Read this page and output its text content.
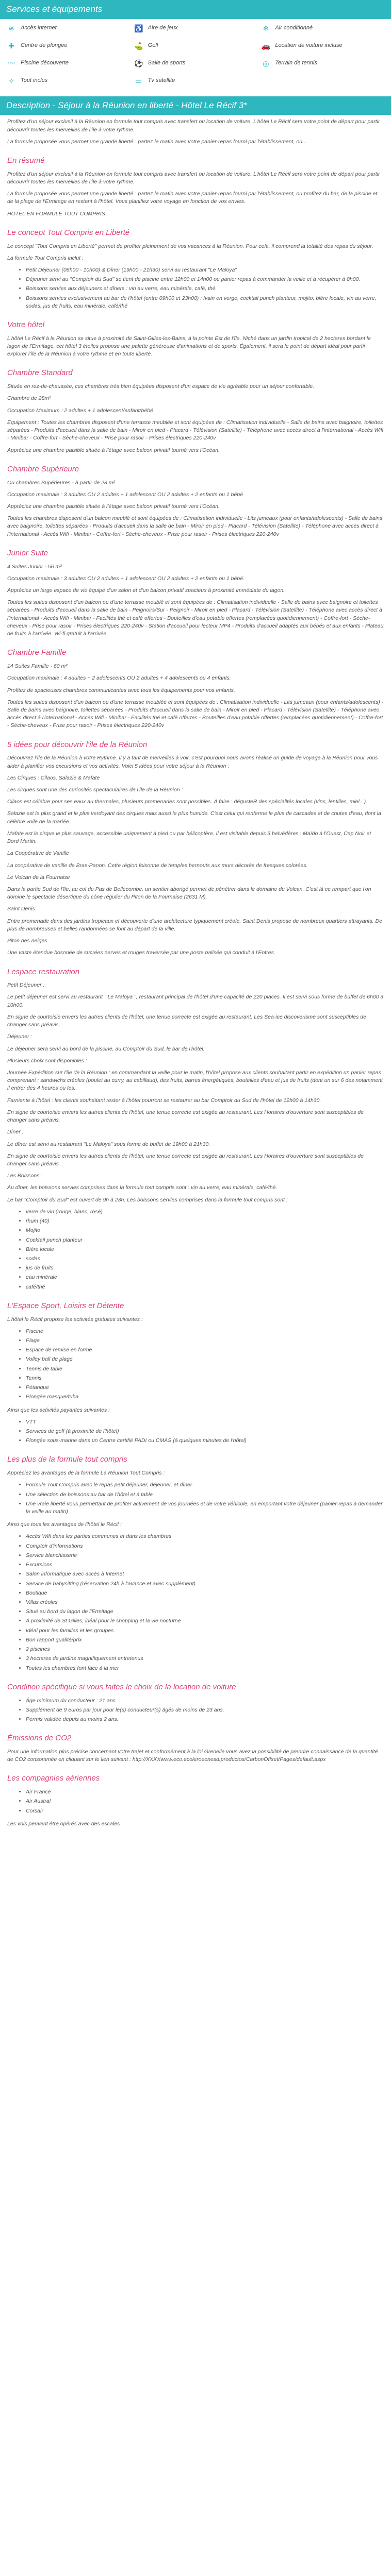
Services et équipements
≋ Accès internet	♿ Aire de jeux	❄ Air conditionné
✚ Centre de plongee	⛳ Golf	🚗 Location de voiture incluse
〰 Piscine découverte	⚽ Salle de sports	◎ Terrain de tennis
✧ Tout inclus	▭ Tv satellite
Description - Séjour à la Réunion en liberté - Hôtel Le Récif 3*

Profitez d'un séjour exclusif à la Réunion en formule tout compris avec transfert ou location de voiture. L'hôtel Le Récif sera votre point de départ pour partir découvrir toutes les merveilles de l'île à votre rythme.

La formule proposée vous permet une grande liberté : partez le matin avec votre panier-repas fourni par l'établissement, ou...

En résumé

Profitez d'un séjour exclusif à la Réunion en formule tout compris avec transfert ou location de voiture. L'hôtel Le Récif sera votre point de départ pour partir découvrir toutes les merveilles de l'île à votre rythme.

La formule proposée vous permet une grande liberté : partez le matin avec votre panier-repas fourni par l'établissement, ou profitez du bar, de la piscine et de la plage de l'Ermitage en restant à l'hôtel. Vous planifiez votre voyage en fonction de vos envies.

HÔTEL EN FORMULE TOUT COMPRIS

Le concept Tout Compris en Liberté

Le concept "Tout Compris en Liberté" permet de profiter pleinement de vos vacances à la Réunion. Pour cela, il comprend la totalité des repas du séjour.

La formule Tout Compris inclut :

• Petit Déjeuner (06h00 - 10h00) & Dîner (19h00 - 21h30) servi au restaurant "Le Maloya"
• Déjeuner servi au "Comptoir du Sud" se tient de piscine entre 12h00 et 14h00 ou panier repas à commander la veille et à récupérer à 8h00.
• Boissons servies aux déjeuners et dîners : vin au verre, eau minérale, café, thé
• Boissons servies exclusivement au bar de l'hôtel (entre 09h00 et 23h00) : Ivain en verge, cocktail punch planteur, mojito, bière locale, vin au verre, sodas, jus de fruits, eau minérale, café/thé
Votre hôtel

L'hôtel Le Récif à la Réunion se situe à proximité de Saint-Gilles-les-Bains, à la pointe Est de l'île. Niché dans un jardin tropical de 2 hectares bordant le lagon de l'Ermitage, cet hôtel 3 étoiles propose une palette généreuse d'animations et de sports. Également, il sera le point de départ idéal pour partir explorer l'île de la Réunion à votre rythme et en toute liberté.

Chambre Standard

Située en rez-de-chaussée, ces chambres très bien équipées disposent d'un espace de vie agréable pour un séjour confortable.

Chambre de 28m²

Occupation Maximum : 2 adultes + 1 adolescent/enfant/bébé

Equipement : Toutes les chambres disposent d'une terrasse meublée et sont équipées de : Climatisation individuelle - Salle de bains avec baignoire, toilettes séparées - Produits d'accueil dans la salle de bain - Miroir en pied - Placard - Télévision (Satellite) - Téléphone avec accès direct à l'international - Accès Wifi - Minibar - Coffre-fort - Sèche-cheveux - Prise pour rasoir - Prises électriques 220-240v

Appréciez une chambre paisible située à l'étage avec balcon privatif tourné vers l'Océan.

Chambre Supérieure

Ou chambres Supérieures - à partir de 28 m²

Occupation maximale : 3 adultes OU 2 adultes + 1 adolescent OU 2 adultes + 2 enfants ou 1 bébé

Appréciez une chambre paisible située à l'étage avec balcon privatif tourné vers l'Océan.

Toutes les chambres disposent d'un balcon meublé et sont équipées de : Climatisation individuelle - Lits jumeaux (pour enfants/adolescents) - Salle de bains avec baignoire, toilettes séparées - Produits d'accueil dans la salle de bain - Miroir en pied - Placard - Télévision (Satellite) - Téléphone avec accès direct à l'international - Accès Wifi - Minibar - Coffre-fort - Sèche-cheveux - Prise pour rasoir - Prises électriques 220-240v

Junior Suite

4 Suites Junior - 56 m²

Occupation maximale : 3 adultes OU 2 adultes + 1 adolescent OU 2 adultes + 2 enfants ou 1 bébé.

Appréciez un large espace de vie équipé d'un salon et d'un balcon privatif spacieux à proximité immédiate du lagon.

Toutes les suites disposent d'un balcon ou d'une terrasse meublé et sont équipées de : Climatisation individuelle - Salle de bains avec baignoire et toilettes séparées - Produits d'accueil dans la salle de bain - Peignoirs/Sur - Peignoir - Miroir en pied - Placard - Télévision (Satellite) - Téléphone avec accès direct à l'international - Accès Wifi - Minibar - Facilités thé et café offertes - Bouteilles d'eau potable offertes (remplacées quotidiennement) - Coffre-fort - Sèche-cheveux - Prise pour rasoir - Prises électriques 220-240v - Station d'accueil pour lecteur MP4 - Produits d'accueil adaptés aux bébés et aux enfants - Plateau de fruits à l'arrivée. Wi-fi gratuit à l'arrivée.

Chambre Famille

14 Suites Famille - 60 m²

Occupation maximale : 4 adultes + 2 adolescents OU 2 adultes + 4 adolescents ou 4 enfants.

Profitez de spacieuses chambres communicantes avec tous les équipements pour vos enfants.

Toutes les suites disposent d'un balcon ou d'une terrasse meublée et sont équipées de : Climatisation individuelle - Lits jumeaux (pour enfants/adolescents) - Salle de bains avec baignoire, toilettes séparées - Produits d'accueil dans la salle de bain - Miroir en pied - Placard - Télévision (Satellite) - Téléphone avec accès direct à l'international - Accès Wifi - Minibar - Facilités thé et café offertes - Bouteilles d'eau potable offertes (remplacées quotidiennement) - Coffre-fort - Sèche-cheveux - Prise pour rasoir - Prises électriques 220-240v

5 idées pour découvrir l'île de la Réunion

Découvrez l'île de la Réunion à votre Rythme. Il y a tant de merveilles à voir, c'est pourquoi nous avons réalisé un guide de voyage à la Réunion pour vous aider à planifier vos excursions et vos activités. Voici 5 idées pour votre séjour à la Réunion :

Les Cirques : Cilaos, Salazie & Mafate

Les cirques sont une des curiosités spectaculaires de l'île de la Réunion :

Cilaos est célèbre pour ses eaux au thermales, plusieurs promenades sont possibles. À faire : dégusteR des spécialités locales (vins, lentilles, miel...).

Salazie est le plus grand et le plus verdoyant des cirques mais aussi le plus humide. C'est celui qui renferme le plus de cascades et de chutes d'eau, dont la célèbre voile de la mariée.

Mafate est le cirque le plus sauvage, accessible uniquement à pied ou par hélicoptère. Il est visitable depuis 3 belvédères : Maïdo à l'Ouest, Cap Noir et Bord Martin.

La Coopérative de Vanille

La coopérative de vanille de Bras-Panon. Cette région foisonne de temples bernouts aux murs décorés de fresques colorées.

Le Volcan de la Fournaise

Dans la partie Sud de l'île, au col du Pas de Bellecombe, un sentier aborigé permet de pénétrer dans le domaine du Volcan. C'est là ce rempart que l'on domine le spectacle désertique du cône régulier du Piton de la Fournaise (2631 M).

Saint Denis

Entre promenade dans des jardins tropicaux et découverte d'une architecture typiquement créole, Saint Denis propose de nombreux quartiers attrayants. De plus de nombreuses et belles randonnées se font au départ de la ville.

Piton des neiges

Une vaste étendue bosonée de sucrées nerves et rouges traversée par une poste balisée qui conduit à l'Entres.

Lespace restauration

Petit Déjeuner :

Le petit déjeuner est servi au restaurant " Le Maloya ", restaurant principal de l'hôtel d'une capacité de 220 places. Il est servi sous forme de buffet de 6h00 à 10h00.

En signe de courtoisie envers les autres clients de l'hôtel, une tenue correcte est exigée au restaurant. Les Sea-ice discoverisme sont susceptibles de changer sans préavis.

Déjeuner :

Le déjeuner sera servi au bord de la piscine, au Comptoir du Sud, le bar de l'hôtel.

Plusieurs choix sont disponibles :

Journée Expédition sur l'île de la Réunion : en commandant la veille pour le matin, l'hôtel propose aux clients souhaitant partir en expédition un panier repas comprenant : sandwichs créoles (poulet au curry, au cabillaud), des fruits, barres énergétiques, bouteilles d'eau et jus de fruits (dont un sur 6 des notamment il entrer des 4 heures ou les.

Farniente à l'hôtel : les clients souhaitant rester à l'hôtel pourront se restaurer au bar Comptoir du Sud de l'hôtel de 12h00 à 14h30.

En signe de courtoisie envers les autres clients de l'hôtel, une tenue correcte est exigée au restaurant. Les Horaires d'ouverture sont susceptibles de changer sans préavis.

Dîner :

Le dîner est servi au restaurant "Le Maloya" sous forme de buffet de 19h00 à 21h30.

En signe de courtoisie envers les autres clients de l'hôtel, une tenue correcte est exigée au restaurant. Les Horaires d'ouverture sont susceptibles de changer sans préavis.

Les Boissons :

Au dîner, les boissons servies comprises dans la formule tout compris sont : vin au verre, eau minérale, café/thé.

Le bar "Comptoir du Sud" est ouvert de 9h à 23h. Les boissons servies comprises dans la formule tout compris sont :

• verre de vin (rouge, blanc, rosé)
• rhum (40)
• Mojito
• Cocktail punch planteur
• Bière locale
• sodas
• jus de fruits
• eau minérale
• café/thé
L'Espace Sport, Loisirs et Détente

L'hôtel le Récif propose les activités gratuites suivantes :

• Piscine
• Plage
• Espace de remise en forme
• Volley ball de plage
• Tennis de table
• Tennis
• Pétanque
• Plongée masque/tuba

Ainsi que les activités payantes suivantes :

• VTT
• Services de golf (à proximité de l'hôtel)
• Plongée sous-marine dans un Centre certifié PADI ou CMAS (à quelques minutes de l'hôtel)
Les plus de la formule tout compris

Appréciez les avantages de la formule La Réunion Tout Compris :

• Formule Tout Compris avec le repas petit déjeuner, déjeuner, et dîner
• Une sélection de boissons au bar de l'hôtel et à table
• Une vraie liberté vous permettant de profiter activement de vos journées et de votre véhicule, en emportant votre déjeuner (panier-repas à demander la veille au matin)

Ainsi que tous les avantages de l'hôtel le Récif :

• Accès Wifi dans les parties communes et dans les chambres
• Comptoir d'informations
• Service blanchisserie
• Excursions
• Salon informatique avec accès à Internet
• Service de babysitting (réservation 24h à l'avance et avec supplément)
• Boutique
• Villas créoles
• Situé au bord du lagon de l'Ermitage
• À proximité de St Gilles, idéal pour le shopping et la vie nocturne
• Idéal pour les familles et les groupes
• Bon rapport qualité/prix
• 2 piscines
• 3 hectares de jardins magnifiquement entretenus
• Toutes les chambres font face à la mer
Condition spécifique si vous faites le choix de la location de voiture
• Âge minimum du conducteur : 21 ans
• Supplément de 9 euros par jour pour le(s) conducteur(s) âgés de moins de 23 ans.
• Permis validée depuis au moins 2 ans.
Émissions de CO2

Pour une information plus précise concernant votre trajet et conformément à la loi Grenelle vous avez la possibilité de prendre connaissance de la quantité de CO2 consommée en cliquant sur le lien suivant : http://XXXXwww.eco.ecoleroeonesd.productos/CarbonOffset/Pages/default.aspx

Les compagnies aériennes
• Air France
• Air Austral
• Corsair

Les vols peuvent être opérés avec des escales
